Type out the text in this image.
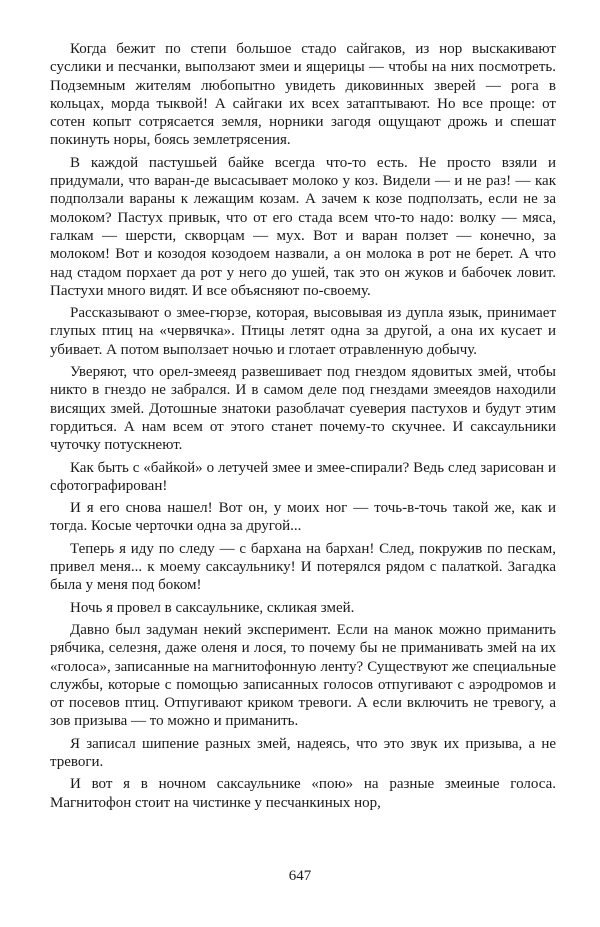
Когда бежит по степи большое стадо сайгаков, из нор выскакивают суслики и песчанки, выползают змеи и ящерицы — чтобы на них посмотреть. Подземным жителям любопытно увидеть диковинных зверей — рога в кольцах, морда тыквой! А сайгаки их всех затаптывают. Но все проще: от сотен копыт сотрясается земля, норники загодя ощущают дрожь и спешат покинуть норы, боясь землетрясения.

В каждой пастушьей байке всегда что-то есть. Не просто взяли и придумали, что варан-де высасывает молоко у коз. Видели — и не раз! — как подползали вараны к лежащим козам. А зачем к козе подползать, если не за молоком? Пастух привык, что от его стада всем что-то надо: волку — мяса, галкам — шерсти, скворцам — мух. Вот и варан ползет — конечно, за молоком! Вот и козодоя козодоем назвали, а он молока в рот не берет. А что над стадом порхает да рот у него до ушей, так это он жуков и бабочек ловит. Пастухи много видят. И все объясняют по-своему.

Рассказывают о змее-гюрзе, которая, высовывая из дупла язык, принимает глупых птиц на «червячка». Птицы летят одна за другой, а она их кусает и убивает. А потом выползает ночью и глотает отравленную добычу.

Уверяют, что орел-змееяд развешивает под гнездом ядовитых змей, чтобы никто в гнездо не забрался. И в самом деле под гнездами змееядов находили висящих змей. Дотошные знатоки разоблачат суеверия пастухов и будут этим гордиться. А нам всем от этого станет почему-то скучнее. И саксаульники чуточку потускнеют.

Как быть с «байкой» о летучей змее и змее-спирали? Ведь след зарисован и сфотографирован!

И я его снова нашел! Вот он, у моих ног — точь-в-точь такой же, как и тогда. Косые черточки одна за другой...

Теперь я иду по следу — с бархана на бархан! След, покружив по пескам, привел меня... к моему саксаульнику! И потерялся рядом с палаткой. Загадка была у меня под боком!

Ночь я провел в саксаульнике, скликая змей.

Давно был задуман некий эксперимент. Если на манок можно приманить рябчика, селезня, даже оленя и лося, то почему бы не приманивать змей на их «голоса», записанные на магнитофонную ленту? Существуют же специальные службы, которые с помощью записанных голосов отпугивают с аэродромов и от посевов птиц. Отпугивают криком тревоги. А если включить не тревогу, а зов призыва — то можно и приманить.

Я записал шипение разных змей, надеясь, что это звук их призыва, а не тревоги.

И вот я в ночном саксаульнике «пою» на разные змеиные голоса. Магнитофон стоит на чистинке у песчанкиных нор,

647
